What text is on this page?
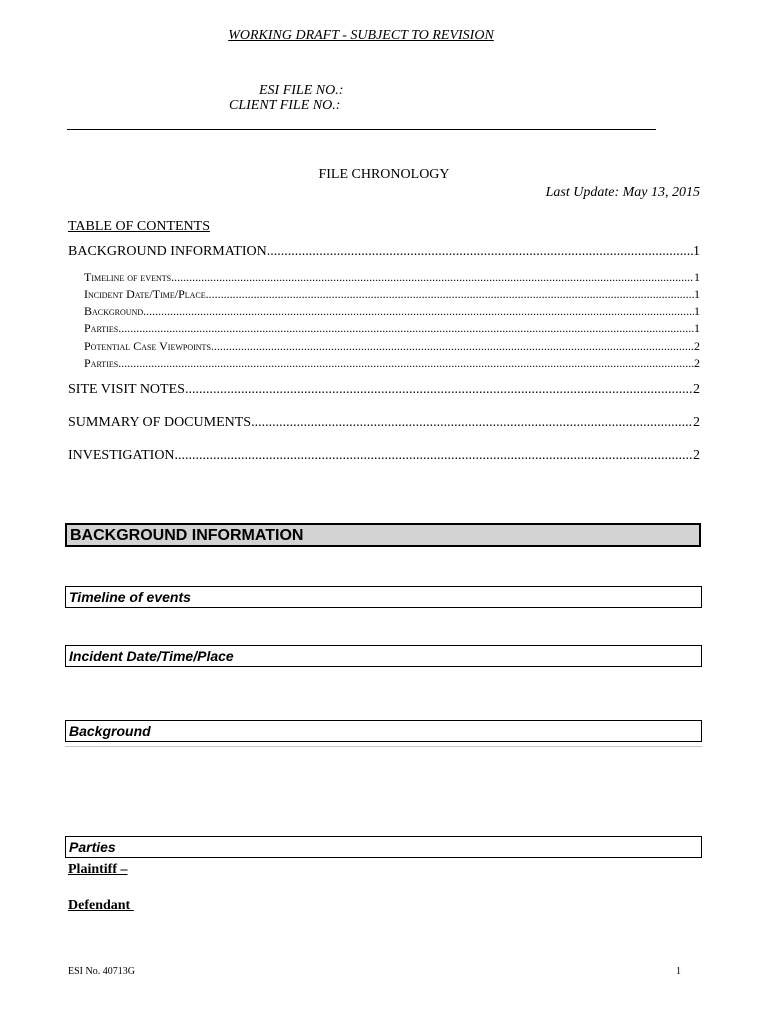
WORKING DRAFT - SUBJECT TO REVISION
ESI FILE NO.:
CLIENT FILE NO.:
FILE CHRONOLOGY
Last Update: May 13, 2015
TABLE OF CONTENTS
BACKGROUND INFORMATION .....	1
Timeline of events .....	1
Incident Date/Time/Place .....	1
Background .....	1
Parties .....	1
Potential Case Viewpoints .....	2
Parties .....	2
SITE VISIT NOTES .....	2
SUMMARY OF DOCUMENTS .....	2
INVESTIGATION .....	2
BACKGROUND INFORMATION
Timeline of events
Incident Date/Time/Place
Background
Parties
Plaintiff –
Defendant
ESI No. 40713G	1
